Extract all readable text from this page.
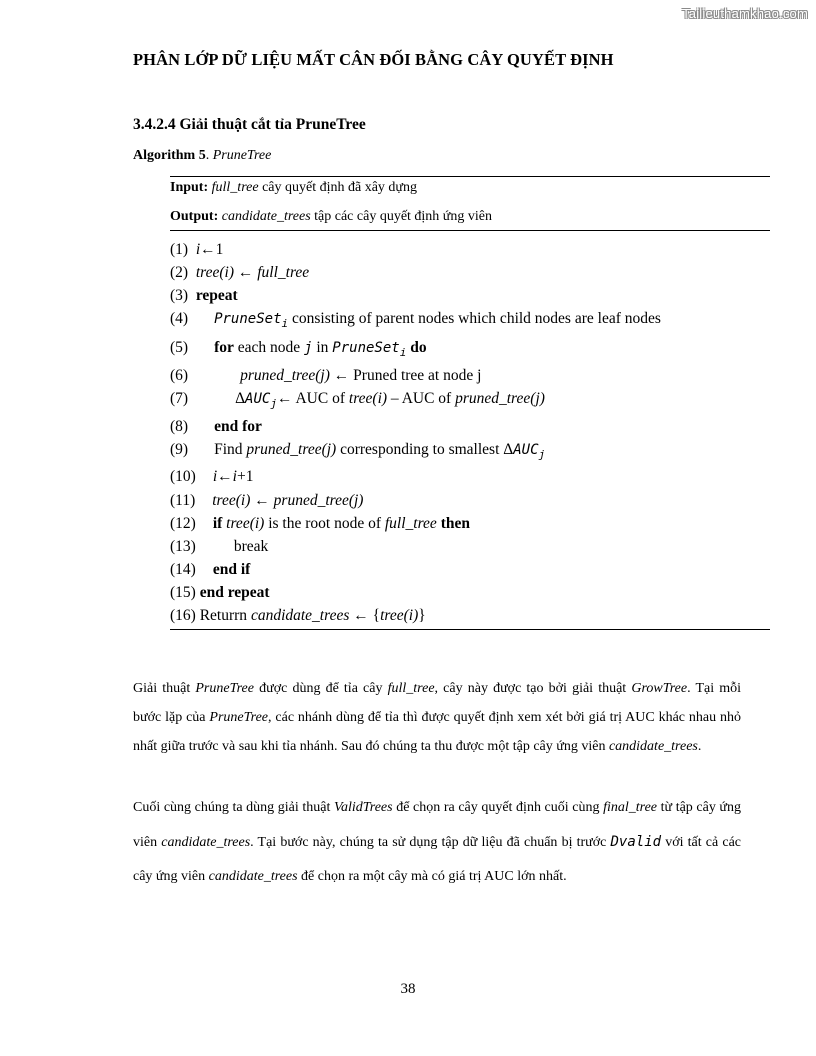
Tailieuthamkhao.com
PHÂN LỚP DỮ LIỆU MẤT CÂN ĐỐI BẰNG CÂY QUYẾT ĐỊNH
3.4.2.4 Giải thuật cắt tỉa PruneTree
Algorithm 5. PruneTree
Input: full_tree cây quyết định đã xây dựng
Output: candidate_trees tập các cây quyết định ứng viên
(1) i←1
(2) tree(i) ← full_tree
(3) repeat
(4) PruneSet$_i$ consisting of parent nodes which child nodes are leaf nodes
(5) for each node j in PruneSet$_i$ do
(6)	pruned_tree(j) ← Pruned tree at node j
(7)	$\Delta AUC_j\leftarrow$ AUC of tree(i) – AUC of pruned_tree(j)
(8) end for
(9) Find pruned_tree(j) corresponding to smallest $\Delta AUC_j$
(10) i←i+1
(11) tree(i) ← pruned_tree(j)
(12) if tree(i) is the root node of full_tree then
(13) break
(14) end if
(15) end repeat
(16) Returrn candidate_trees ← {tree(i)}

Giải thuật PruneTree được dùng để tỉa cây full_tree, cây này được tạo bởi giải thuật GrowTree. Tại mỗi bước lặp của PruneTree, các nhánh dùng để tỉa thì được quyết định xem xét bởi giá trị AUC khác nhau nhỏ nhất giữa trước và sau khi tỉa nhánh. Sau đó chúng ta thu được một tập cây ứng viên candidate_trees.

Cuối cùng chúng ta dùng giải thuật ValidTrees để chọn ra cây quyết định cuối cùng final_tree từ tập cây ứng viên candidate_trees. Tại bước này, chúng ta sử dụng tập dữ liệu đã chuẩn bị trước Dvalid với tất cả các cây ứng viên candidate_trees để chọn ra một cây mà có giá trị AUC lớn nhất.

38
